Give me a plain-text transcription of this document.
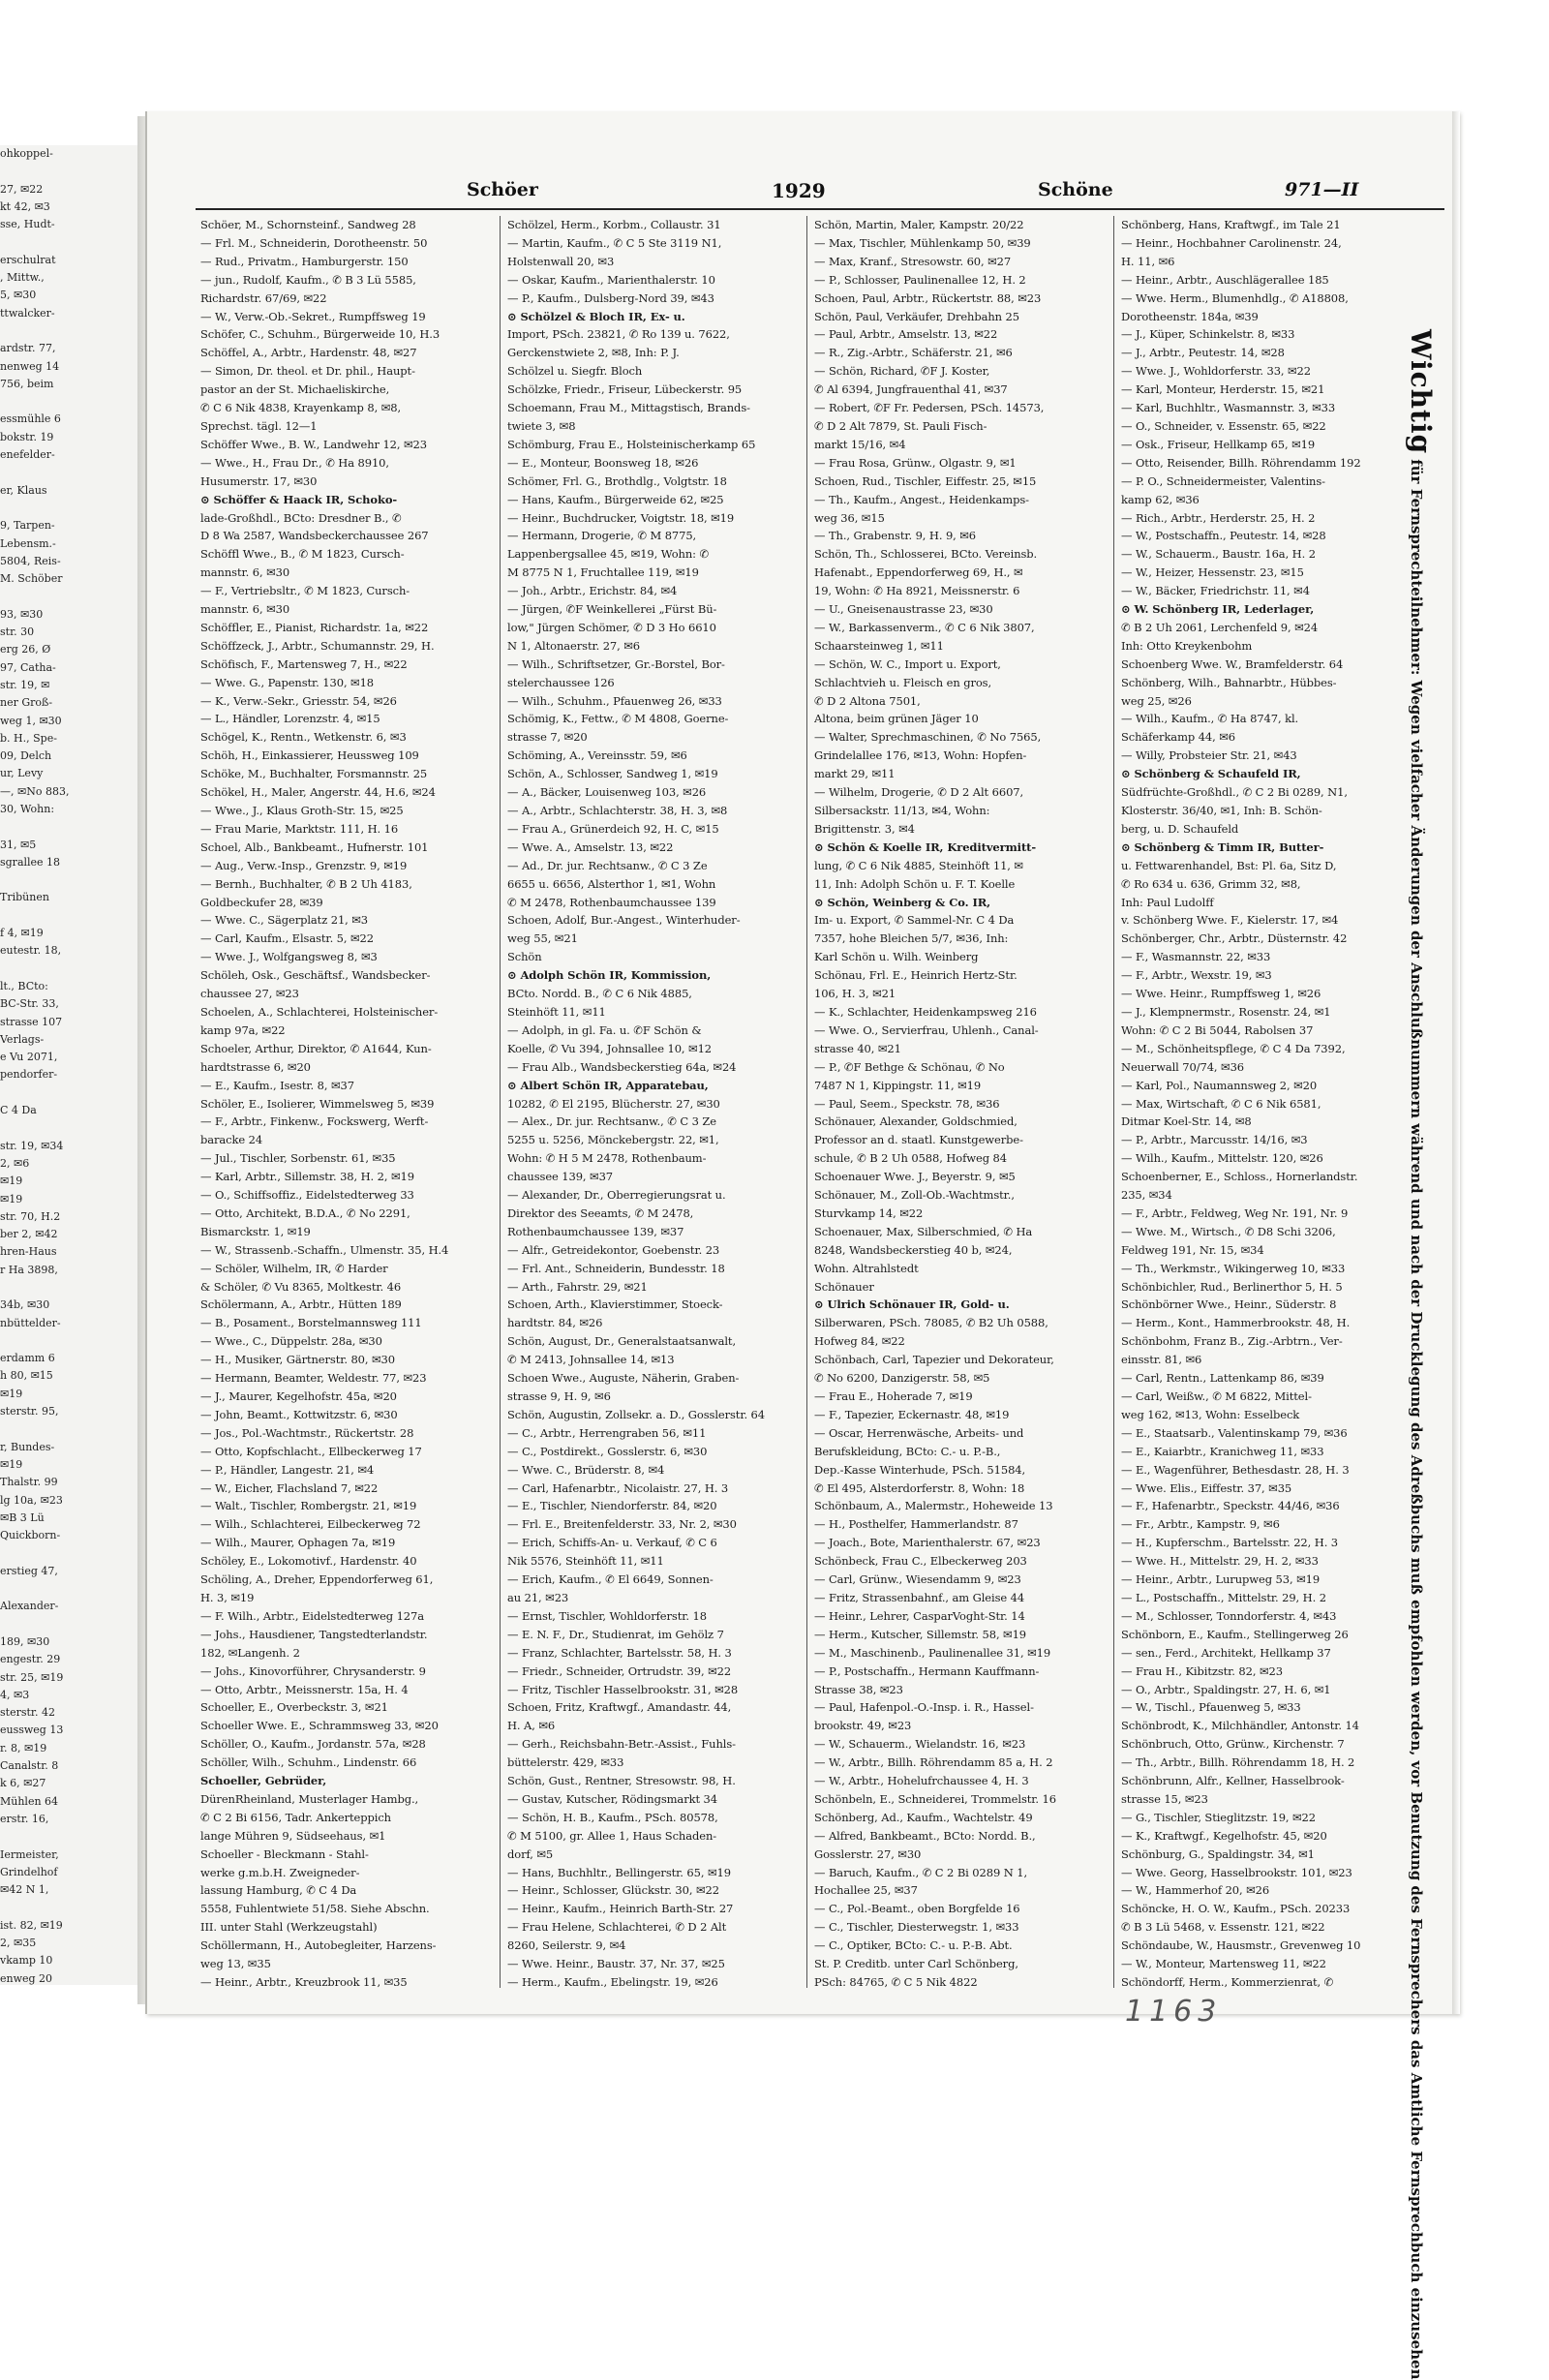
ohkoppel-

27, ✉22
kt 42, ✉3
sse, Hudt-

erschulrat
, Mittw.,
5, ✉30
ttwalcker-

ardstr. 77,
nenweg 14
756, beim

essmühle 6
bokstr. 19
enefelder-

er, Klaus

9, Tarpen-
Lebensm.-
5804, Reis-
M. Schöber

93, ✉30
str. 30
erg 26, Ø
97, Catha-
str. 19, ✉
ner Groß-
weg 1, ✉30
b. H., Spe-
09, Delch
ur, Levy
—, ✉No 883,
30, Wohn:

31, ✉5
sgrallee 18

Tribünen

f 4, ✉19
eutestr. 18,

lt., BCto:
BC-Str. 33,
strasse 107
Verlags-
e Vu 2071,
pendorfer-

C 4 Da

str. 19, ✉34
2, ✉6
✉19
✉19
str. 70, H.2
ber 2, ✉42
hren-Haus
r Ha 3898,

34b, ✉30
nbüttelder-

erdamm 6
h 80, ✉15
✉19
sterstr. 95,

r, Bundes-
✉19
Thalstr. 99
lg 10a, ✉23
✉B 3 Lü
Quickborn-

erstieg 47,

Alexander-

189, ✉30
engestr. 29
str. 25, ✉19
4, ✉3
sterstr. 42
eussweg 13
r. 8, ✉19
Canalstr. 8
k 6, ✉27
Mühlen 64
erstr. 16,

Iermeister,
Grindelhof
✉42 N 1,

ist. 82, ✉19
2, ✉35
vkamp 10
enweg 20

Schöer	1929	Schöne	971—II
Schöer, M., Schornsteinf., Sandweg 28
— Frl. M., Schneiderin, Dorotheenstr. 50
— Rud., Privatm., Hamburgerstr. 150
— jun., Rudolf, Kaufm., ✆ B 3 Lü 5585,
Richardstr. 67/69, ✉22
— W., Verw.-Ob.-Sekret., Rumpffsweg 19
Schöfer, C., Schuhm., Bürgerweide 10, H.3
Schöffel, A., Arbtr., Hardenstr. 48, ✉27
— Simon, Dr. theol. et Dr. phil., Haupt-
pastor an der St. Michaeliskirche,
✆ C 6 Nik 4838, Krayenkamp 8, ✉8,
Sprechst. tägl. 12—1
Schöffer Wwe., B. W., Landwehr 12, ✉23
— Wwe., H., Frau Dr., ✆ Ha 8910,
Husumerstr. 17, ✉30
⊙ Schöffer & Haack IR, Schoko-
lade-Großhdl., BCto: Dresdner B., ✆
D 8 Wa 2587, Wandsbeckerchaussee 267
Schöffl Wwe., B., ✆ M 1823, Cursch-
mannstr. 6, ✉30
— F., Vertriebsltr., ✆ M 1823, Cursch-
mannstr. 6, ✉30
Schöffler, E., Pianist, Richardstr. 1a, ✉22
Schöffzeck, J., Arbtr., Schumannstr. 29, H.
Schöfisch, F., Martensweg 7, H., ✉22
— Wwe. G., Papenstr. 130, ✉18
— K., Verw.-Sekr., Griesstr. 54, ✉26
— L., Händler, Lorenzstr. 4, ✉15
Schögel, K., Rentn., Wetkenstr. 6, ✉3
Schöh, H., Einkassierer, Heussweg 109
Schöke, M., Buchhalter, Forsmannstr. 25
Schökel, H., Maler, Angerstr. 44, H.6, ✉24
— Wwe., J., Klaus Groth-Str. 15, ✉25
— Frau Marie, Marktstr. 111, H. 16
Schoel, Alb., Bankbeamt., Hufnerstr. 101
— Aug., Verw.-Insp., Grenzstr. 9, ✉19
— Bernh., Buchhalter, ✆ B 2 Uh 4183,
Goldbeckufer 28, ✉39
— Wwe. C., Sägerplatz 21, ✉3
— Carl, Kaufm., Elsastr. 5, ✉22
— Wwe. J., Wolfgangsweg 8, ✉3
Schöleh, Osk., Geschäftsf., Wandsbecker-
chaussee 27, ✉23
Schoelen, A., Schlachterei, Holsteinischer-
kamp 97a, ✉22
Schoeler, Arthur, Direktor, ✆ A1644, Kun-
hardtstrasse 6, ✉20
— E., Kaufm., Isestr. 8, ✉37
Schöler, E., Isolierer, Wimmelsweg 5, ✉39
— F., Arbtr., Finkenw., Fockswerg, Werft-
baracke 24
— Jul., Tischler, Sorbenstr. 61, ✉35
— Karl, Arbtr., Sillemstr. 38, H. 2, ✉19
— O., Schiffsoffiz., Eidelstedterweg 33
— Otto, Architekt, B.D.A., ✆ No 2291,
Bismarckstr. 1, ✉19
— W., Strassenb.-Schaffn., Ulmenstr. 35, H.4
— Schöler, Wilhelm, IR, ✆ Harder
& Schöler, ✆ Vu 8365, Moltkestr. 46
Schölermann, A., Arbtr., Hütten 189
— B., Posament., Borstelmannsweg 111
— Wwe., C., Düppelstr. 28a, ✉30
— H., Musiker, Gärtnerstr. 80, ✉30
— Hermann, Beamter, Weldestr. 77, ✉23
— J., Maurer, Kegelhofstr. 45a, ✉20
— John, Beamt., Kottwitzstr. 6, ✉30
— Jos., Pol.-Wachtmstr., Rückertstr. 28
— Otto, Kopfschlacht., Ellbeckerweg 17
— P., Händler, Langestr. 21, ✉4
— W., Eicher, Flachsland 7, ✉22
— Walt., Tischler, Rombergstr. 21, ✉19
— Wilh., Schlachterei, Eilbeckerweg 72
— Wilh., Maurer, Ophagen 7a, ✉19
Schöley, E., Lokomotivf., Hardenstr. 40
Schöling, A., Dreher, Eppendorferweg 61,
H. 3, ✉19
— F. Wilh., Arbtr., Eidelstedterweg 127a
— Johs., Hausdiener, Tangstedterlandstr.
182, ✉Langenh. 2
— Johs., Kinovorführer, Chrysanderstr. 9
— Otto, Arbtr., Meissnerstr. 15a, H. 4
Schoeller, E., Overbeckstr. 3, ✉21
Schoeller Wwe. E., Schrammsweg 33, ✉20
Schöller, O., Kaufm., Jordanstr. 57a, ✉28
Schöller, Wilh., Schuhm., Lindenstr. 66
Schoeller, Gebrüder,
DürenRheinland, Musterlager Hambg.,
✆ C 2 Bi 6156, Tadr. Ankerteppich
lange Mühren 9, Südseehaus, ✉1
Schoeller - Bleckmann - Stahl-
werke g.m.b.H. Zweigneder-
lassung Hamburg, ✆ C 4 Da
5558, Fuhlentwiete 51/58. Siehe Abschn.
III. unter Stahl (Werkzeugstahl)
Schöllermann, H., Autobegleiter, Harzens-
weg 13, ✉35
— Heinr., Arbtr., Kreuzbrook 11, ✉35
Schölzel, Herm., Korbm., Collaustr. 31
— Martin, Kaufm., ✆ C 5 Ste 3119 N1,
Holstenwall 20, ✉3
— Oskar, Kaufm., Marienthalerstr. 10
— P., Kaufm., Dulsberg-Nord 39, ✉43
⊙ Schölzel & Bloch IR, Ex- u.
Import, PSch. 23821, ✆ Ro 139 u. 7622,
Gerckenstwiete 2, ✉8, Inh: P. J.
Schölzel u. Siegfr. Bloch
Schölzke, Friedr., Friseur, Lübeckerstr. 95
Schoemann, Frau M., Mittagstisch, Brands-
twiete 3, ✉8
Schömburg, Frau E., Holsteinischerkamp 65
— E., Monteur, Boonsweg 18, ✉26
Schömer, Frl. G., Brothdlg., Volgtstr. 18
— Hans, Kaufm., Bürgerweide 62, ✉25
— Heinr., Buchdrucker, Voigtstr. 18, ✉19
— Hermann, Drogerie, ✆ M 8775,
Lappenbergsallee 45, ✉19, Wohn: ✆
M 8775 N 1, Fruchtallee 119, ✉19
— Joh., Arbtr., Erichstr. 84, ✉4
— Jürgen, ✆F Weinkellerei „Fürst Bü-
low," Jürgen Schömer, ✆ D 3 Ho 6610
N 1, Altonaerstr. 27, ✉6
— Wilh., Schriftsetzer, Gr.-Borstel, Bor-
stelerchaussee 126
— Wilh., Schuhm., Pfauenweg 26, ✉33
Schömig, K., Fettw., ✆ M 4808, Goerne-
strasse 7, ✉20
Schöming, A., Vereinsstr. 59, ✉6
Schön, A., Schlosser, Sandweg 1, ✉19
— A., Bäcker, Louisenweg 103, ✉26
— A., Arbtr., Schlachterstr. 38, H. 3, ✉8
— Frau A., Grünerdeich 92, H. C, ✉15
— Wwe. A., Amselstr. 13, ✉22
— Ad., Dr. jur. Rechtsanw., ✆ C 3 Ze
6655 u. 6656, Alsterthor 1, ✉1, Wohn
✆ M 2478, Rothenbaumchaussee 139
Schoen, Adolf, Bur.-Angest., Winterhuder-
weg 55, ✉21
Schön
⊙ Adolph Schön IR, Kommission,
BCto. Nordd. B., ✆ C 6 Nik 4885,
Steinhöft 11, ✉11
— Adolph, in gl. Fa. u. ✆F Schön &
Koelle, ✆ Vu 394, Johnsallee 10, ✉12
— Frau Alb., Wandsbeckerstieg 64a, ✉24
⊙ Albert Schön IR, Apparatebau,
10282, ✆ El 2195, Blücherstr. 27, ✉30
— Alex., Dr. jur. Rechtsanw., ✆ C 3 Ze
5255 u. 5256, Mönckebergstr. 22, ✉1,
Wohn: ✆ H 5 M 2478, Rothenbaum-
chaussee 139, ✉37
— Alexander, Dr., Oberregierungsrat u.
Direktor des Seeamts, ✆ M 2478,
Rothenbaumchaussee 139, ✉37
— Alfr., Getreidekontor, Goebenstr. 23
— Frl. Ant., Schneiderin, Bundesstr. 18
— Arth., Fahrstr. 29, ✉21
Schoen, Arth., Klavierstimmer, Stoeck-
hardtstr. 84, ✉26
Schön, August, Dr., Generalstaatsanwalt,
✆ M 2413, Johnsallee 14, ✉13
Schoen Wwe., Auguste, Näherin, Graben-
strasse 9, H. 9, ✉6
Schön, Augustin, Zollsekr. a. D., Gosslerstr. 64
— C., Arbtr., Herrengraben 56, ✉11
— C., Postdirekt., Gosslerstr. 6, ✉30
— Wwe. C., Brüderstr. 8, ✉4
— Carl, Hafenarbtr., Nicolaistr. 27, H. 3
— E., Tischler, Niendorferstr. 84, ✉20
— Frl. E., Breitenfelderstr. 33, Nr. 2, ✉30
— Erich, Schiffs-An- u. Verkauf, ✆ C 6
Nik 5576, Steinhöft 11, ✉11
— Erich, Kaufm., ✆ El 6649, Sonnen-
au 21, ✉23
— Ernst, Tischler, Wohldorferstr. 18
— E. N. F., Dr., Studienrat, im Gehölz 7
— Franz, Schlachter, Bartelsstr. 58, H. 3
— Friedr., Schneider, Ortrudstr. 39, ✉22
— Fritz, Tischler Hasselbrookstr. 31, ✉28
Schoen, Fritz, Kraftwgf., Amandastr. 44,
H. A, ✉6
— Gerh., Reichsbahn-Betr.-Assist., Fuhls-
büttelerstr. 429, ✉33
Schön, Gust., Rentner, Stresowstr. 98, H.
— Gustav, Kutscher, Rödingsmarkt 34
— Schön, H. B., Kaufm., PSch. 80578,
✆ M 5100, gr. Allee 1, Haus Schaden-
dorf, ✉5
— Hans, Buchhltr., Bellingerstr. 65, ✉19
— Heinr., Schlosser, Glückstr. 30, ✉22
— Heinr., Kaufm., Heinrich Barth-Str. 27
— Frau Helene, Schlachterei, ✆ D 2 Alt
8260, Seilerstr. 9, ✉4
— Wwe. Heinr., Baustr. 37, Nr. 37, ✉25
— Herm., Kaufm., Ebelingstr. 19, ✉26
Schön, Martin, Maler, Kampstr. 20/22
— Max, Tischler, Mühlenkamp 50, ✉39
— Max, Kranf., Stresowstr. 60, ✉27
— P., Schlosser, Paulinenallee 12, H. 2
Schoen, Paul, Arbtr., Rückertstr. 88, ✉23
Schön, Paul, Verkäufer, Drehbahn 25
— Paul, Arbtr., Amselstr. 13, ✉22
— R., Zig.-Arbtr., Schäferstr. 21, ✉6
— Schön, Richard, ✆F J. Koster,
✆ Al 6394, Jungfrauenthal 41, ✉37
— Robert, ✆F Fr. Pedersen, PSch. 14573,
✆ D 2 Alt 7879, St. Pauli Fisch-
markt 15/16, ✉4
— Frau Rosa, Grünw., Olgastr. 9, ✉1
Schoen, Rud., Tischler, Eiffestr. 25, ✉15
— Th., Kaufm., Angest., Heidenkamps-
weg 36, ✉15
— Th., Grabenstr. 9, H. 9, ✉6
Schön, Th., Schlosserei, BCto. Vereinsb.
Hafenabt., Eppendorferweg 69, H., ✉
19, Wohn: ✆ Ha 8921, Meissnerstr. 6
— U., Gneisenaustrasse 23, ✉30
— W., Barkassenverm., ✆ C 6 Nik 3807,
Schaarsteinweg 1, ✉11
— Schön, W. C., Import u. Export,
Schlachtvieh u. Fleisch en gros,
✆ D 2 Altona 7501,
Altona, beim grünen Jäger 10
— Walter, Sprechmaschinen, ✆ No 7565,
Grindelallee 176, ✉13, Wohn: Hopfen-
markt 29, ✉11
— Wilhelm, Drogerie, ✆ D 2 Alt 6607,
Silbersackstr. 11/13, ✉4, Wohn:
Brigittenstr. 3, ✉4
⊙ Schön & Koelle IR, Kreditvermitt-
lung, ✆ C 6 Nik 4885, Steinhöft 11, ✉
11, Inh: Adolph Schön u. F. T. Koelle
⊙ Schön, Weinberg & Co. IR,
Im- u. Export, ✆ Sammel-Nr. C 4 Da
7357, hohe Bleichen 5/7, ✉36, Inh:
Karl Schön u. Wilh. Weinberg
Schönau, Frl. E., Heinrich Hertz-Str.
106, H. 3, ✉21
— K., Schlachter, Heidenkampsweg 216
— Wwe. O., Servierfrau, Uhlenh., Canal-
strasse 40, ✉21
— P., ✆F Bethge & Schönau, ✆ No
7487 N 1, Kippingstr. 11, ✉19
— Paul, Seem., Speckstr. 78, ✉36
Schönauer, Alexander, Goldschmied,
Professor an d. staatl. Kunstgewerbe-
schule, ✆ B 2 Uh 0588, Hofweg 84
Schoenauer Wwe. J., Beyerstr. 9, ✉5
Schönauer, M., Zoll-Ob.-Wachtmstr.,
Sturvkamp 14, ✉22
Schoenauer, Max, Silberschmied, ✆ Ha
8248, Wandsbeckerstieg 40 b, ✉24,
Wohn. Altrahlstedt
Schönauer
⊙ Ulrich Schönauer IR, Gold- u.
Silberwaren, PSch. 78085, ✆ B2 Uh 0588,
Hofweg 84, ✉22
Schönbach, Carl, Tapezier und Dekorateur,
✆ No 6200, Danzigerstr. 58, ✉5
— Frau E., Hoherade 7, ✉19
— F., Tapezier, Eckernastr. 48, ✉19
— Oscar, Herrenwäsche, Arbeits- und
Berufskleidung, BCto: C.- u. P.-B.,
Dep.-Kasse Winterhude, PSch. 51584,
✆ El 495, Alsterdorferstr. 8, Wohn: 18
Schönbaum, A., Malermstr., Hoheweide 13
— H., Posthelfer, Hammerlandstr. 87
— Joach., Bote, Marienthalerstr. 67, ✉23
Schönbeck, Frau C., Elbeckerweg 203
— Carl, Grünw., Wiesendamm 9, ✉23
— Fritz, Strassenbahnf., am Gleise 44
— Heinr., Lehrer, CasparVoght-Str. 14
— Herm., Kutscher, Sillemstr. 58, ✉19
— M., Maschinenb., Paulinenallee 31, ✉19
— P., Postschaffn., Hermann Kauffmann-
Strasse 38, ✉23
— Paul, Hafenpol.-O.-Insp. i. R., Hassel-
brookstr. 49, ✉23
— W., Schauerm., Wielandstr. 16, ✉23
— W., Arbtr., Billh. Röhrendamm 85 a, H. 2
— W., Arbtr., Hohelufrchaussee 4, H. 3
Schönbeln, E., Schneiderei, Trommelstr. 16
Schönberg, Ad., Kaufm., Wachtelstr. 49
— Alfred, Bankbeamt., BCto: Nordd. B.,
Gosslerstr. 27, ✉30
— Baruch, Kaufm., ✆ C 2 Bi 0289 N 1,
Hochallee 25, ✉37
— C., Pol.-Beamt., oben Borgfelde 16
— C., Tischler, Diesterwegstr. 1, ✉33
— C., Optiker, BCto: C.- u. P.-B. Abt.
St. P. Creditb. unter Carl Schönberg,
PSch: 84765, ✆ C 5 Nik 4822
Schönberg, Hans, Kraftwgf., im Tale 21
— Heinr., Hochbahner Carolinenstr. 24,
H. 11, ✉6
— Heinr., Arbtr., Auschlägerallee 185
— Wwe. Herm., Blumenhdlg., ✆ A18808,
Dorotheenstr. 184a, ✉39
— J., Küper, Schinkelstr. 8, ✉33
— J., Arbtr., Peutestr. 14, ✉28
— Wwe. J., Wohldorferstr. 33, ✉22
— Karl, Monteur, Herderstr. 15, ✉21
— Karl, Buchhltr., Wasmannstr. 3, ✉33
— O., Schneider, v. Essenstr. 65, ✉22
— Osk., Friseur, Hellkamp 65, ✉19
— Otto, Reisender, Billh. Röhrendamm 192
— P. O., Schneidermeister, Valentins-
kamp 62, ✉36
— Rich., Arbtr., Herderstr. 25, H. 2
— W., Postschaffn., Peutestr. 14, ✉28
— W., Schauerm., Baustr. 16a, H. 2
— W., Heizer, Hessenstr. 23, ✉15
— W., Bäcker, Friedrichstr. 11, ✉4
⊙ W. Schönberg IR, Lederlager,
✆ B 2 Uh 2061, Lerchenfeld 9, ✉24
Inh: Otto Kreykenbohm
Schoenberg Wwe. W., Bramfelderstr. 64
Schönberg, Wilh., Bahnarbtr., Hübbes-
weg 25, ✉26
— Wilh., Kaufm., ✆ Ha 8747, kl.
Schäferkamp 44, ✉6
— Willy, Probsteier Str. 21, ✉43
⊙ Schönberg & Schaufeld IR,
Südfrüchte-Großhdl., ✆ C 2 Bi 0289, N1,
Klosterstr. 36/40, ✉1, Inh: B. Schön-
berg, u. D. Schaufeld
⊙ Schönberg & Timm IR, Butter-
u. Fettwarenhandel, Bst: Pl. 6a, Sitz D,
✆ Ro 634 u. 636, Grimm 32, ✉8,
Inh: Paul Ludolff
v. Schönberg Wwe. F., Kielerstr. 17, ✉4
Schönberger, Chr., Arbtr., Düsternstr. 42
— F., Wasmannstr. 22, ✉33
— F., Arbtr., Wexstr. 19, ✉3
— Wwe. Heinr., Rumpffsweg 1, ✉26
— J., Klempnermstr., Rosenstr. 24, ✉1
Wohn: ✆ C 2 Bi 5044, Rabolsen 37
— M., Schönheitspflege, ✆ C 4 Da 7392,
Neuerwall 70/74, ✉36
— Karl, Pol., Naumannsweg 2, ✉20
— Max, Wirtschaft, ✆ C 6 Nik 6581,
Ditmar Koel-Str. 14, ✉8
— P., Arbtr., Marcusstr. 14/16, ✉3
— Wilh., Kaufm., Mittelstr. 120, ✉26
Schoenberner, E., Schloss., Hornerlandstr.
235, ✉34
— F., Arbtr., Feldweg, Weg Nr. 191, Nr. 9
— Wwe. M., Wirtsch., ✆ D8 Schi 3206,
Feldweg 191, Nr. 15, ✉34
— Th., Werkmstr., Wikingerweg 10, ✉33
Schönbichler, Rud., Berlinerthor 5, H. 5
Schönbörner Wwe., Heinr., Süderstr. 8
— Herm., Kont., Hammerbrookstr. 48, H.
Schönbohm, Franz B., Zig.-Arbtrn., Ver-
einsstr. 81, ✉6
— Carl, Rentn., Lattenkamp 86, ✉39
— Carl, Weißw., ✆ M 6822, Mittel-
weg 162, ✉13, Wohn: Esselbeck
— E., Staatsarb., Valentinskamp 79, ✉36
— E., Kaiarbtr., Kranichweg 11, ✉33
— E., Wagenführer, Bethesdastr. 28, H. 3
— Wwe. Elis., Eiffestr. 37, ✉35
— F., Hafenarbtr., Speckstr. 44/46, ✉36
— Fr., Arbtr., Kampstr. 9, ✉6
— H., Kupferschm., Bartelsstr. 22, H. 3
— Wwe. H., Mittelstr. 29, H. 2, ✉33
— Heinr., Arbtr., Lurupweg 53, ✉19
— L., Postschaffn., Mittelstr. 29, H. 2
— M., Schlosser, Tonndorferstr. 4, ✉43
Schönborn, E., Kaufm., Stellingerweg 26
— sen., Ferd., Architekt, Hellkamp 37
— Frau H., Kibitzstr. 82, ✉23
— O., Arbtr., Spaldingstr. 27, H. 6, ✉1
— W., Tischl., Pfauenweg 5, ✉33
Schönbrodt, K., Milchhändler, Antonstr. 14
Schönbruch, Otto, Grünw., Kirchenstr. 7
— Th., Arbtr., Billh. Röhrendamm 18, H. 2
Schönbrunn, Alfr., Kellner, Hasselbrook-
strasse 15, ✉23
— G., Tischler, Stieglitzstr. 19, ✉22
— K., Kraftwgf., Kegelhofstr. 45, ✉20
Schönburg, G., Spaldingstr. 34, ✉1
— Wwe. Georg, Hasselbrookstr. 101, ✉23
— W., Hammerhof 20, ✉26
Schöncke, H. O. W., Kaufm., PSch. 20233
✆ B 3 Lü 5468, v. Essenstr. 121, ✉22
Schöndaube, W., Hausmstr., Grevenweg 10
— W., Monteur, Martensweg 11, ✉22
Schöndorff, Herm., Kommerzienrat, ✆
Wichtig für Fernsprechteilnehmer: Wegen vielfacher Änderungen der Anschlußnummern während und nach der Drucklegung des Adreßbuchs muß empfohlen werden, vor Benutzung des Fernsprechers das Amtliche Fernsprechbuch einzusehen
1163
